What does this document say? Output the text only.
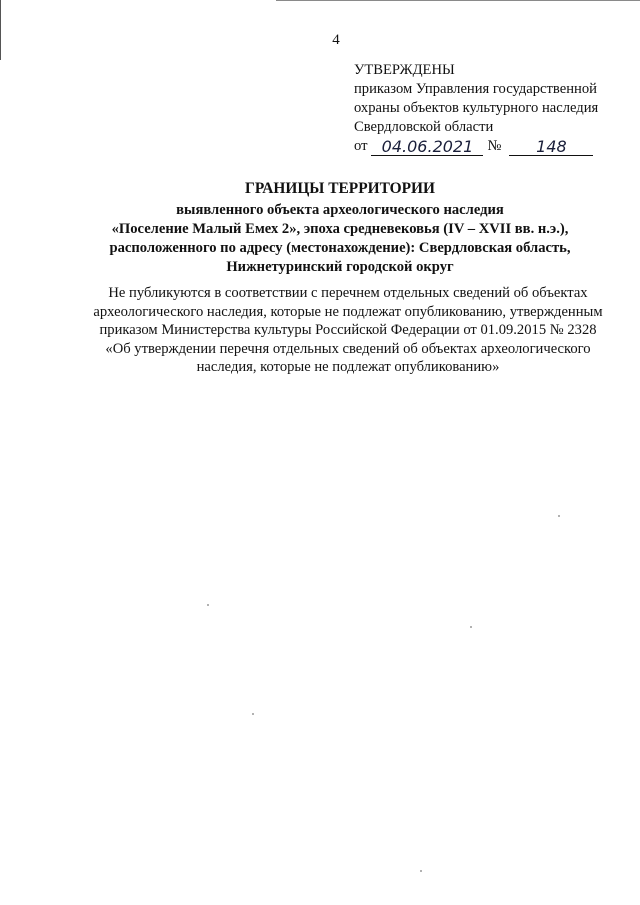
4
УТВЕРЖДЕНЫ
приказом Управления государственной
охраны объектов культурного наследия
Свердловской области
от 04.06.2021 №	148
ГРАНИЦЫ ТЕРРИТОРИИ
выявленного объекта археологического наследия
«Поселение Малый Емех 2», эпоха средневековья (IV – XVII вв. н.э.),
расположенного по адресу (местонахождение): Свердловская область,
Нижнетуринский городской округ
Не публикуются в соответствии с перечнем отдельных сведений об объектах
археологического наследия, которые не подлежат опубликованию, утвержденным
приказом Министерства культуры Российской Федерации от 01.09.2015 № 2328
«Об утверждении перечня отдельных сведений об объектах археологического
наследия, которые не подлежат опубликованию»
